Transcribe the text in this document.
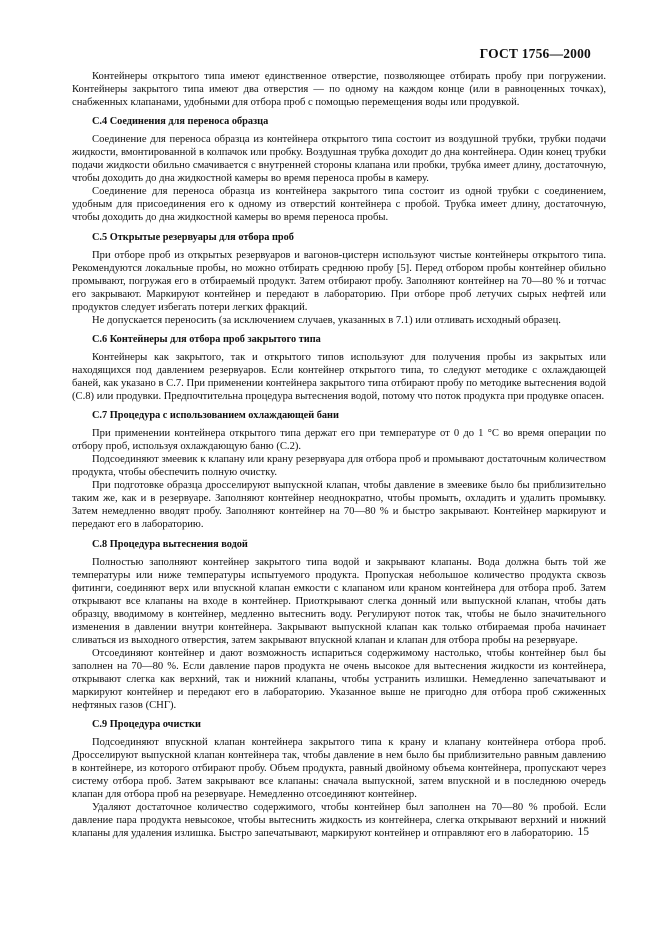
ГОСТ 1756—2000

Контейнеры открытого типа имеют единственное отверстие, позволяющее отбирать пробу при погружении. Контейнеры закрытого типа имеют два отверстия — по одному на каждом конце (или в равноценных точках), снабженных клапанами, удобными для отбора проб с помощью перемещения воды или продувкой.

С.4 Соединения для переноса образца

Соединение для переноса образца из контейнера открытого типа состоит из воздушной трубки, трубки подачи жидкости, вмонтированной в колпачок или пробку. Воздушная трубка доходит до дна контейнера. Один конец трубки подачи жидкости обильно смачивается с внутренней стороны клапана или пробки, трубка имеет длину, достаточную, чтобы доходить до дна жидкостной камеры во время переноса пробы в камеру.

Соединение для переноса образца из контейнера закрытого типа состоит из одной трубки с соединением, удобным для присоединения его к одному из отверстий контейнера с пробой. Трубка имеет длину, достаточную, чтобы доходить до дна жидкостной камеры во время переноса пробы.

С.5 Открытые резервуары для отбора проб

При отборе проб из открытых резервуаров и вагонов-цистерн используют чистые контейнеры открытого типа. Рекомендуются локальные пробы, но можно отбирать среднюю пробу [5]. Перед отбором пробы контейнер обильно промывают, погружая его в отбираемый продукт. Затем отбирают пробу. Заполняют контейнер на 70—80 % и тотчас его закрывают. Маркируют контейнер и передают в лабораторию. При отборе проб летучих сырых нефтей или продуктов следует избегать потери легких фракций.

Не допускается переносить (за исключением случаев, указанных в 7.1) или отливать исходный образец.

С.6 Контейнеры для отбора проб закрытого типа

Контейнеры как закрытого, так и открытого типов используют для получения пробы из закрытых или находящихся под давлением резервуаров. Если контейнер открытого типа, то следуют методике с охлаждающей баней, как указано в С.7. При применении контейнера закрытого типа отбирают пробу по методике вытеснения водой (С.8) или продувки. Предпочтительна процедура вытеснения водой, потому что поток продукта при продувке опасен.

С.7 Процедура с использованием охлаждающей бани

При применении контейнера открытого типа держат его при температуре от 0 до 1 °С во время операции по отбору проб, используя охлаждающую баню (С.2).

Подсоединяют змеевик к клапану или крану резервуара для отбора проб и промывают достаточным количеством продукта, чтобы обеспечить полную очистку.

При подготовке образца дросселируют выпускной клапан, чтобы давление в змеевике было бы приблизительно таким же, как и в резервуаре. Заполняют контейнер неоднократно, чтобы промыть, охладить и удалить промывку. Затем немедленно вводят пробу. Заполняют контейнер на 70—80 % и быстро закрывают. Контейнер маркируют и передают его в лабораторию.

С.8 Процедура вытеснения водой

Полностью заполняют контейнер закрытого типа водой и закрывают клапаны. Вода должна быть той же температуры или ниже температуры испытуемого продукта. Пропуская небольшое количество продукта сквозь фитинги, соединяют верх или впускной клапан емкости с клапаном или краном контейнера для отбора проб. Затем открывают все клапаны на входе в контейнер. Приоткрывают слегка донный или выпускной клапан, чтобы дать образцу, вводимому в контейнер, медленно вытеснить воду. Регулируют поток так, чтобы не было значительного изменения в давлении внутри контейнера. Закрывают выпускной клапан как только отбираемая проба начинает сливаться из выходного отверстия, затем закрывают впускной клапан и клапан для отбора пробы на резервуаре.

Отсоединяют контейнер и дают возможность испариться содержимому настолько, чтобы контейнер был бы заполнен на 70—80 %. Если давление паров продукта не очень высокое для вытеснения жидкости из контейнера, открывают слегка как верхний, так и нижний клапаны, чтобы устранить излишки. Немедленно запечатывают и маркируют контейнер и передают его в лабораторию. Указанное выше не пригодно для отбора проб сжиженных нефтяных газов (СНГ).

С.9 Процедура очистки

Подсоединяют впускной клапан контейнера закрытого типа к крану и клапану контейнера отбора проб. Дросселируют выпускной клапан контейнера так, чтобы давление в нем было бы приблизительно равным давлению в контейнере, из которого отбирают пробу. Объем продукта, равный двойному объема контейнера, пропускают через систему отбора проб. Затем закрывают все клапаны: сначала выпускной, затем впускной и в последнюю очередь клапан для отбора проб на резервуаре. Немедленно отсоединяют контейнер.

Удаляют достаточное количество содержимого, чтобы контейнер был заполнен на 70—80 % пробой. Если давление пара продукта невысокое, чтобы вытеснить жидкость из контейнера, слегка открывают верхний и нижний клапаны для удаления излишка. Быстро запечатывают, маркируют контейнер и отправляют его в лабораторию. 15
